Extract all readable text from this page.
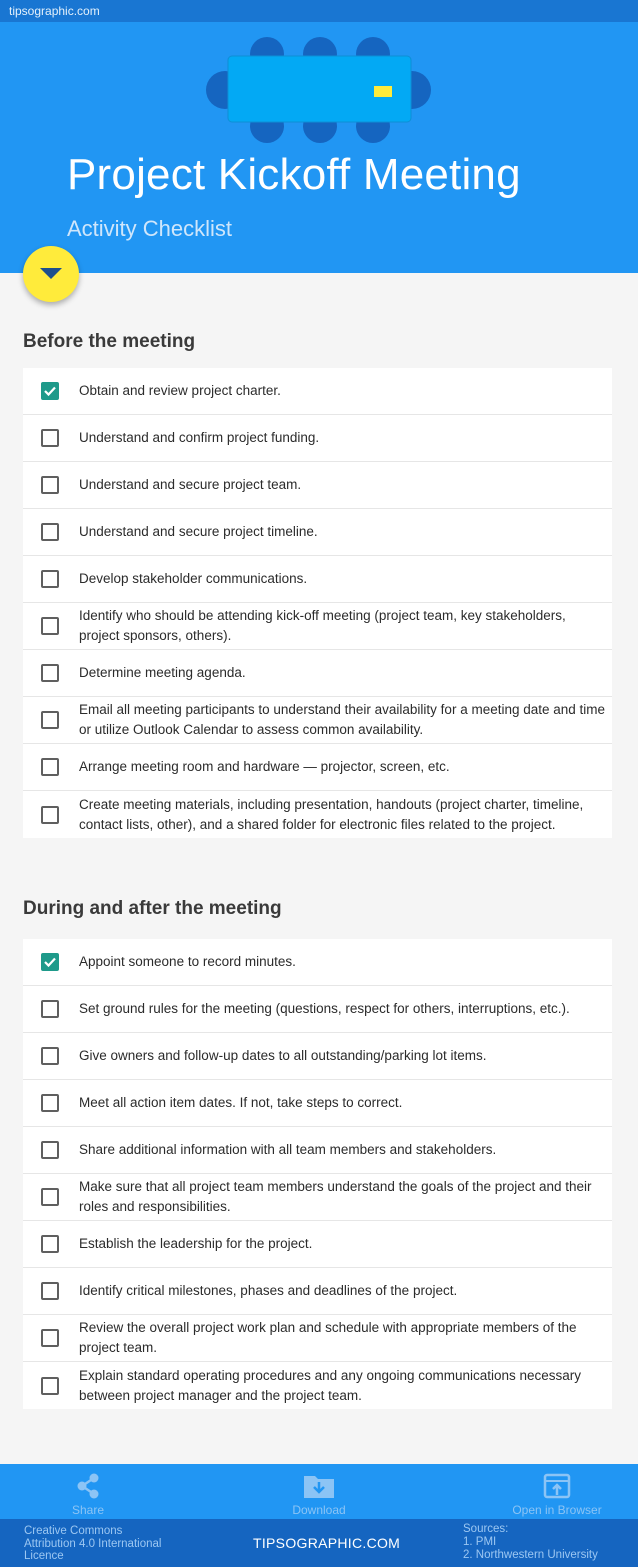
tipsographic.com
Project Kickoff Meeting
Activity Checklist
Before the meeting
Obtain and review project charter.
Understand and confirm project funding.
Understand and secure project team.
Understand and secure project timeline.
Develop stakeholder communications.
Identify who should be attending kick-off meeting (project team, key stakeholders, project sponsors, others).
Determine meeting agenda.
Email all meeting participants to understand their availability for a meeting date and time or utilize Outlook Calendar to assess common availability.
Arrange meeting room and hardware — projector, screen, etc.
Create meeting materials, including presentation, handouts (project charter, timeline, contact lists, other), and a shared folder for electronic files related to the project.
During and after the meeting
Appoint someone to record minutes.
Set ground rules for the meeting (questions, respect for others, interruptions, etc.).
Give owners and follow-up dates to all outstanding/parking lot items.
Meet all action item dates. If not, take steps to correct.
Share additional information with all team members and stakeholders.
Make sure that all project team members understand the goals of the project and their roles and responsibilities.
Establish the leadership for the project.
Identify critical milestones, phases and deadlines of the project.
Review the overall project work plan and schedule with appropriate members of the project team.
Explain standard operating procedures and any ongoing communications necessary between project manager and the project team.
Share	Download	Open in Browser
Creative Commons
Attribution 4.0 International
Licence
TIPSOGRAPHIC.COM
Sources:
1. PMI
2. Northwestern University
